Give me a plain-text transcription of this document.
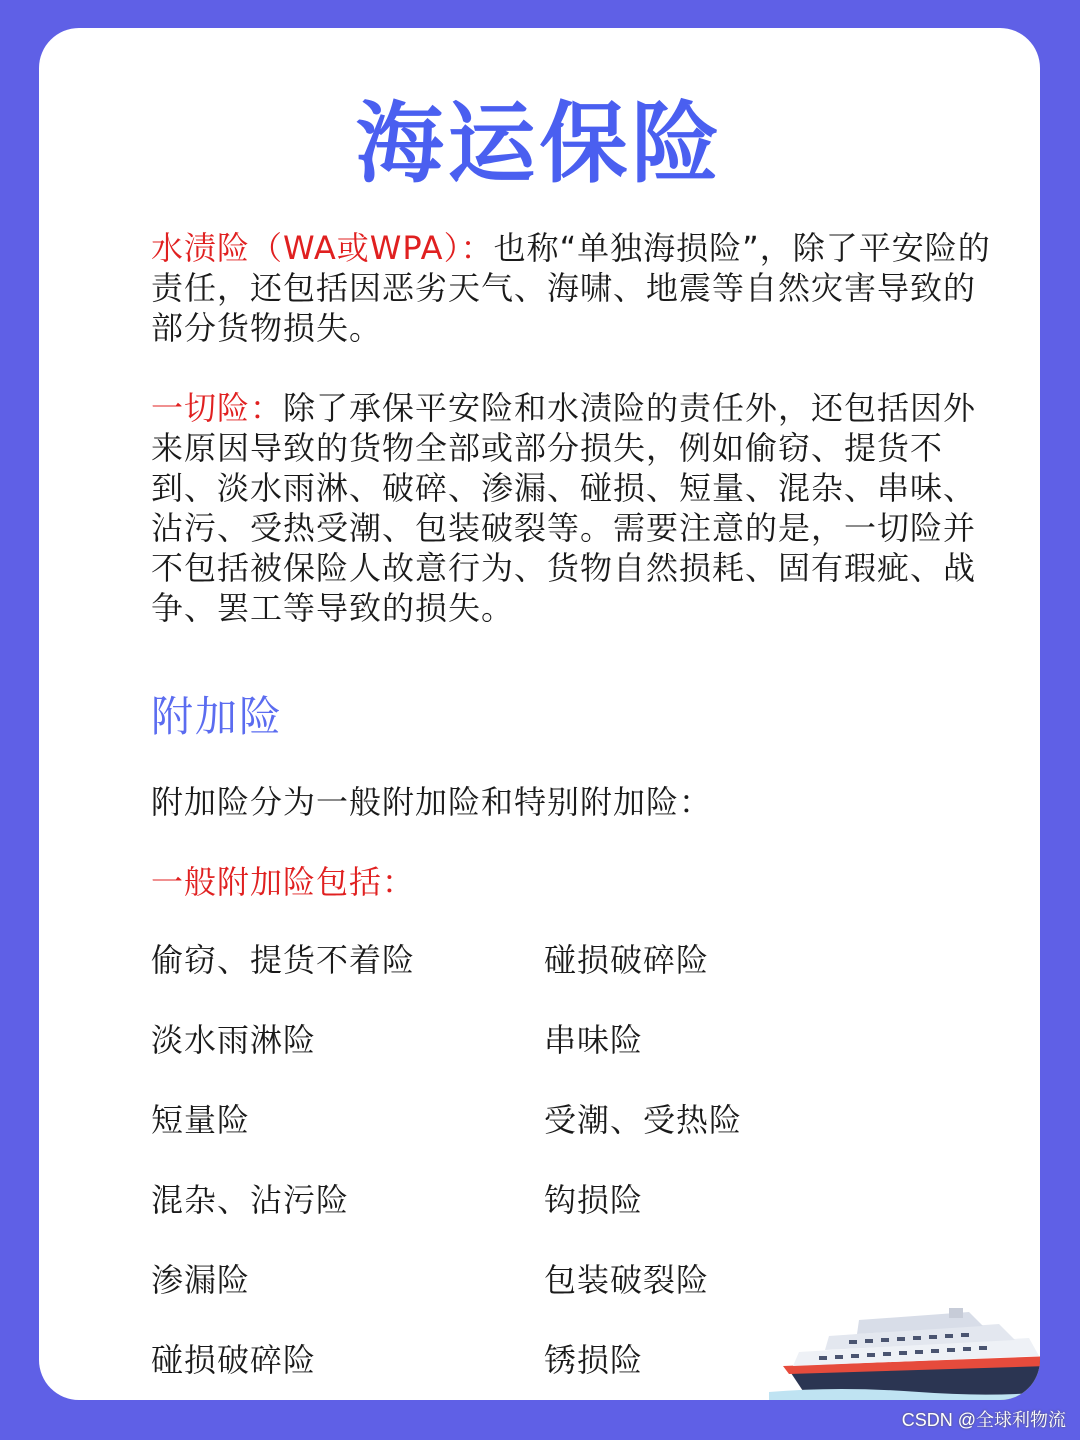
海运保险

水渍险（WA或WPA）：也称“单独海损险”，除了平安险的责任，还包括因恶劣天气、海啸、地震等自然灾害导致的部分货物损失。

一切险：除了承保平安险和水渍险的责任外，还包括因外来原因导致的货物全部或部分损失，例如偷窃、提货不到、淡水雨淋、破碎、渗漏、碰损、短量、混杂、串味、沾污、受热受潮、包装破裂等。需要注意的是，一切险并不包括被保险人故意行为、货物自然损耗、固有瑕疵、战争、罢工等导致的损失。

附加险
附加险分为一般附加险和特别附加险：
一般附加险包括：
偷窃、提货不着险
淡水雨淋险
短量险
混杂、沾污险
渗漏险
碰损破碎险
碰损破碎险
串味险
受潮、受热险
钩损险
包装破裂险
锈损险
CSDN @全球利物流
